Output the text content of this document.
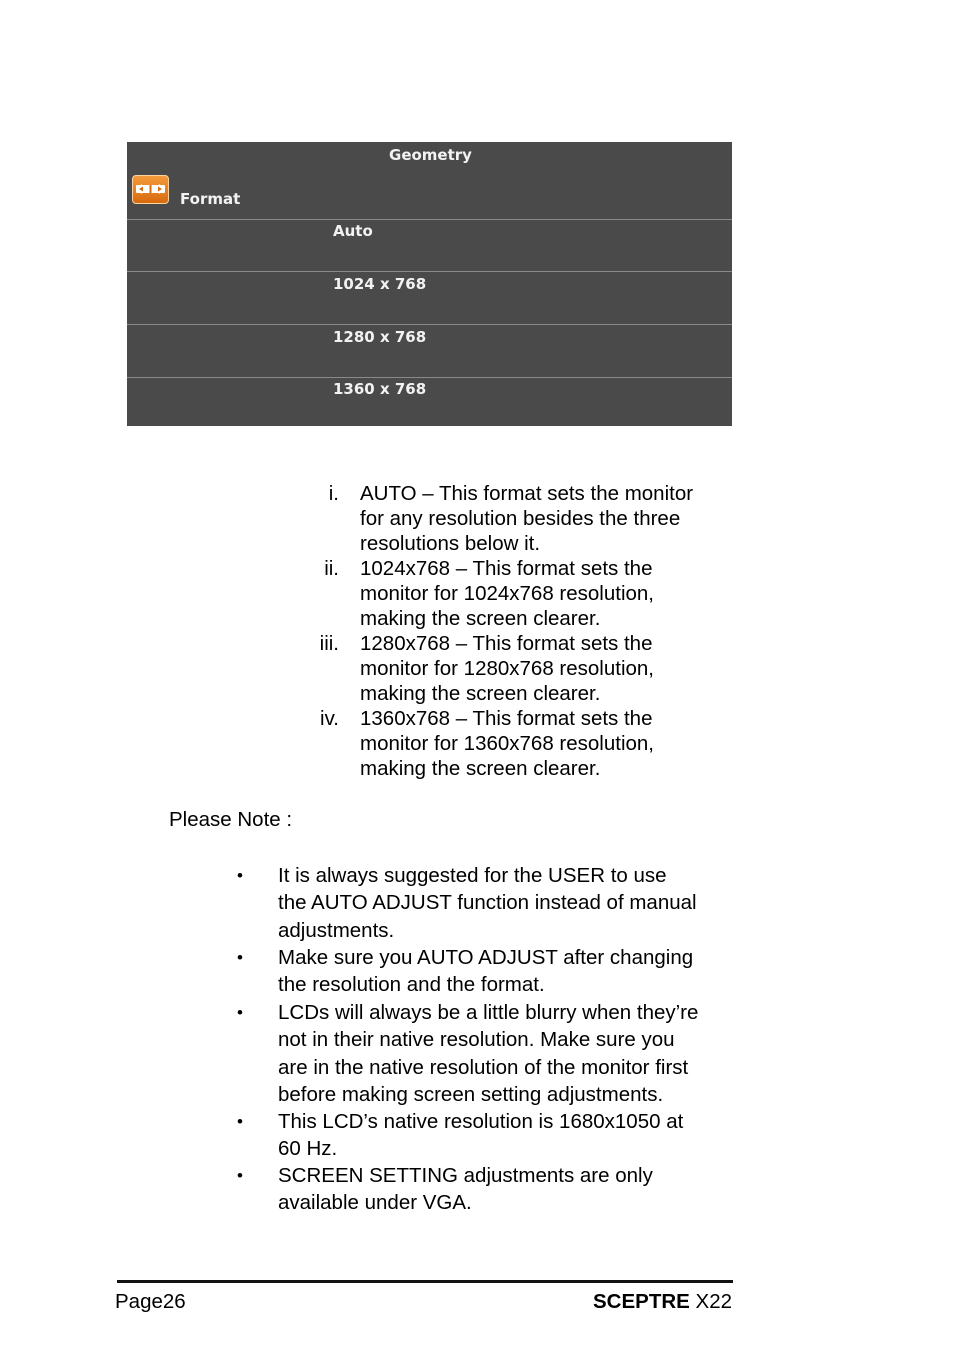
Geometry
Format
Auto
1024 x 768
1280 x 768
1360 x 768
i. AUTO – This format sets the monitor
for any resolution besides the three
resolutions below it.
ii. 1024x768 – This format sets the
monitor for 1024x768 resolution,
making the screen clearer.
iii. 1280x768 – This format sets the
monitor for 1280x768 resolution,
making the screen clearer.
iv. 1360x768 – This format sets the
monitor for 1360x768 resolution,
making the screen clearer.
Please Note :
• It is always suggested for the USER to use
the AUTO ADJUST function instead of manual
adjustments.
• Make sure you AUTO ADJUST after changing
the resolution and the format.
• LCDs will always be a little blurry when they’re
not in their native resolution. Make sure you
are in the native resolution of the monitor first
before making screen setting adjustments.
• This LCD’s native resolution is 1680x1050 at
60 Hz.
• SCREEN SETTING adjustments are only
available under VGA.
Page26	SCEPTRE X22
